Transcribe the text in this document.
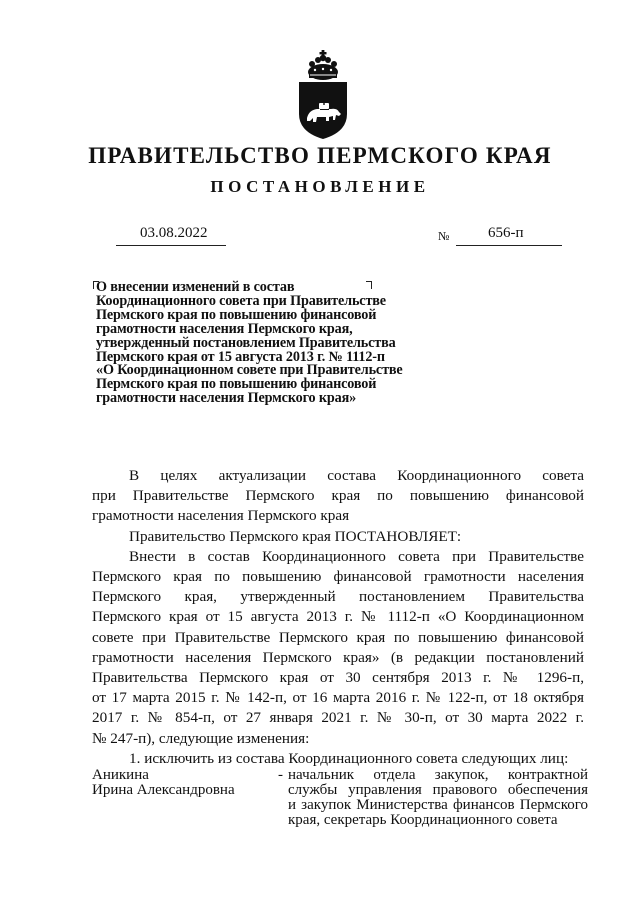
ПРАВИТЕЛЬСТВО ПЕРМСКОГО КРАЯ
ПОСТАНОВЛЕНИЕ
03.08.2022	№	656-п
О внесении изменений в состав
Координационного совета при Правительстве
Пермского края по повышению финансовой
грамотности населения Пермского края,
утвержденный постановлением Правительства
Пермского края от 15 августа 2013 г. № 1112-п
«О Координационном совете при Правительстве
Пермского края по повышению финансовой
грамотности населения Пермского края»
В целях актуализации состава Координационного совета
при Правительстве Пермского края по повышению финансовой
грамотности населения Пермского края
Правительство Пермского края ПОСТАНОВЛЯЕТ:
Внести в состав Координационного совета при Правительстве
Пермского края по повышению финансовой грамотности населения
Пермского края, утвержденный постановлением Правительства
Пермского края от 15 августа 2013 г. № 1112-п «О Координационном
совете при Правительстве Пермского края по повышению финансовой
грамотности населения Пермского края» (в редакции постановлений
Правительства Пермского края от 30 сентября 2013 г. № 1296-п,
от 17 марта 2015 г. № 142-п, от 16 марта 2016 г. № 122-п, от 18 октября
2017 г. № 854-п, от 27 января 2021 г. № 30-п, от 30 марта 2022 г.
№ 247-п), следующие изменения:
1. исключить из состава Координационного совета следующих лиц:
Аникина
Ирина Александровна
- начальник отдела закупок, контрактной
службы управления правового обеспечения
и закупок Министерства финансов Пермского
края, секретарь Координационного совета
